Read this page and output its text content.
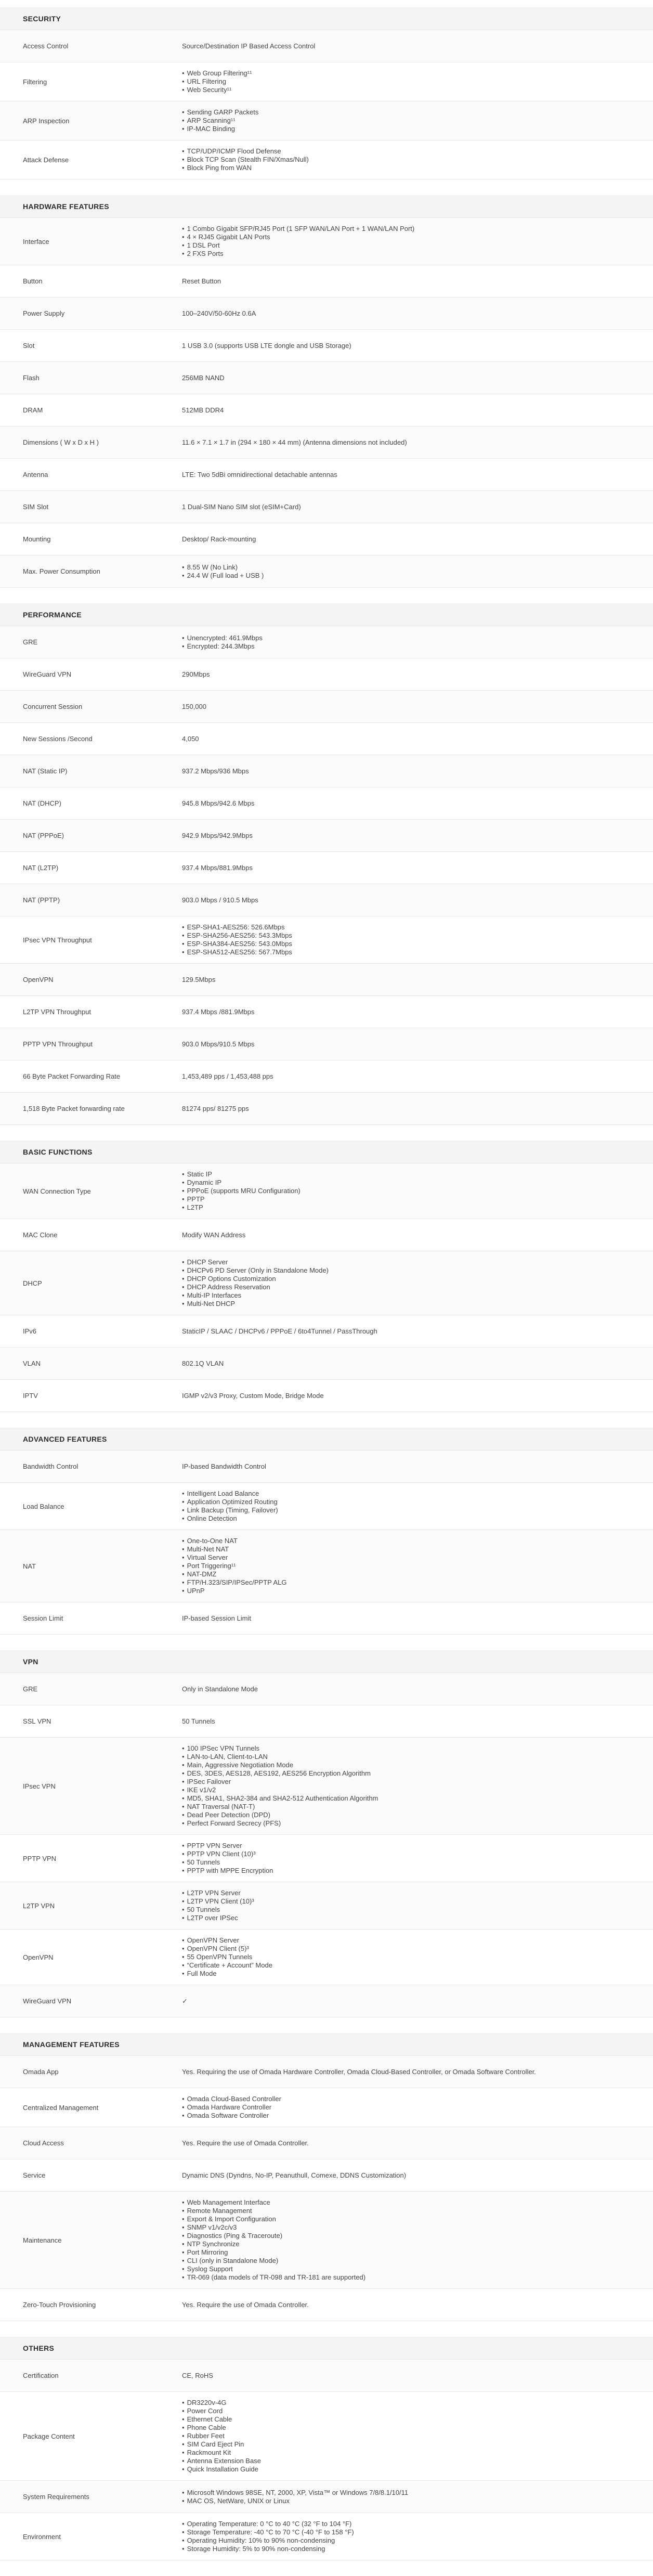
SECURITY
Access Control	Source/Destination IP Based Access Control
Filtering
• Web Group Filtering¹¹
• URL Filtering
• Web Security¹¹
ARP Inspection
• Sending GARP Packets
• ARP Scanning¹¹
• IP-MAC Binding
Attack Defense
• TCP/UDP/ICMP Flood Defense
• Block TCP Scan (Stealth FIN/Xmas/Null)
• Block Ping from WAN
HARDWARE FEATURES
Interface
• 1 Combo Gigabit SFP/RJ45 Port (1 SFP WAN/LAN Port + 1 WAN/LAN Port)
• 4 × RJ45 Gigabit LAN Ports
• 1 DSL Port
• 2 FXS Ports
Button	Reset Button
Power Supply	100–240V/50-60Hz 0.6A
Slot	1 USB 3.0 (supports USB LTE dongle and USB Storage)
Flash	256MB NAND
DRAM	512MB DDR4
Dimensions ( W x D x H )	11.6 × 7.1 × 1.7 in (294 × 180 × 44 mm) (Antenna dimensions not included)
Antenna	LTE: Two 5dBi omnidirectional detachable antennas
SIM Slot	1 Dual-SIM Nano SIM slot (eSIM+Card)
Mounting	Desktop/ Rack-mounting
Max. Power Consumption
• 8.55 W (No Link)
• 24.4 W (Full load + USB )
PERFORMANCE
GRE
• Unencrypted: 461.9Mbps
• Encrypted: 244.3Mbps
WireGuard VPN	290Mbps
Concurrent Session	150,000
New Sessions /Second	4,050
NAT (Static IP)	937.2 Mbps/936 Mbps
NAT (DHCP)	945.8 Mbps/942.6 Mbps
NAT (PPPoE)	942.9 Mbps/942.9Mbps
NAT (L2TP)	937.4 Mbps/881.9Mbps
NAT (PPTP)	903.0 Mbps / 910.5 Mbps
IPsec VPN Throughput
• ESP-SHA1-AES256: 526.6Mbps
• ESP-SHA256-AES256: 543.3Mbps
• ESP-SHA384-AES256: 543.0Mbps
• ESP-SHA512-AES256: 567.7Mbps
OpenVPN	129.5Mbps
L2TP VPN Throughput	937.4 Mbps /881.9Mbps
PPTP VPN Throughput	903.0 Mbps/910.5 Mbps
66 Byte Packet Forwarding Rate	1,453,489 pps / 1,453,488 pps
1,518 Byte Packet forwarding rate	81274 pps/ 81275 pps
BASIC FUNCTIONS
WAN Connection Type
• Static IP
• Dynamic IP
• PPPoE (supports MRU Configuration)
• PPTP
• L2TP
MAC Clone	Modify WAN Address
DHCP
• DHCP Server
• DHCPv6 PD Server (Only in Standalone Mode)
• DHCP Options Customization
• DHCP Address Reservation
• Multi-IP Interfaces
• Multi-Net DHCP
IPv6	StaticIP / SLAAC / DHCPv6 / PPPoE / 6to4Tunnel / PassThrough
VLAN	802.1Q VLAN
IPTV	IGMP v2/v3 Proxy, Custom Mode, Bridge Mode
ADVANCED FEATURES
Bandwidth Control	IP-based Bandwidth Control
Load Balance
• Intelligent Load Balance
• Application Optimized Routing
• Link Backup (Timing, Failover)
• Online Detection
NAT
• One-to-One NAT
• Multi-Net NAT
• Virtual Server
• Port Triggering¹¹
• NAT-DMZ
• FTP/H.323/SIP/IPSec/PPTP ALG
• UPnP
Session Limit	IP-based Session Limit
VPN
GRE	Only in Standalone Mode
SSL VPN	50 Tunnels
IPsec VPN
• 100 IPSec VPN Tunnels
• LAN-to-LAN, Client-to-LAN
• Main, Aggressive Negotiation Mode
• DES, 3DES, AES128, AES192, AES256 Encryption Algorithm
• IPSec Failover
• IKE v1/v2
• MD5, SHA1, SHA2-384 and SHA2-512 Authentication Algorithm
• NAT Traversal (NAT-T)
• Dead Peer Detection (DPD)
• Perfect Forward Secrecy (PFS)
PPTP VPN
• PPTP VPN Server
• PPTP VPN Client (10)³
• 50 Tunnels
• PPTP with MPPE Encryption
L2TP VPN
• L2TP VPN Server
• L2TP VPN Client (10)³
• 50 Tunnels
• L2TP over IPSec
OpenVPN
• OpenVPN Server
• OpenVPN Client (5)³
• 55 OpenVPN Tunnels
• “Certificate + Account” Mode
• Full Mode
WireGuard VPN	✓
MANAGEMENT FEATURES
Omada App	Yes. Requiring the use of Omada Hardware Controller, Omada Cloud-Based Controller, or Omada Software Controller.
Centralized Management
• Omada Cloud-Based Controller
• Omada Hardware Controller
• Omada Software Controller
Cloud Access	Yes. Require the use of Omada Controller.
Service	Dynamic DNS (Dyndns, No-IP, Peanuthull, Comexe, DDNS Customization)
Maintenance
• Web Management Interface
• Remote Management
• Export & Import Configuration
• SNMP v1/v2c/v3
• Diagnostics (Ping & Traceroute)
• NTP Synchronize
• Port Mirroring
• CLI (only in Standalone Mode)
• Syslog Support
• TR-069 (data models of TR-098 and TR-181 are supported)
Zero-Touch Provisioning	Yes. Require the use of Omada Controller.
OTHERS
Certification	CE, RoHS
Package Content
• DR3220v-4G
• Power Cord
• Ethernet Cable
• Phone Cable
• Rubber Feet
• SIM Card Eject Pin
• Rackmount Kit
• Antenna Extension Base
• Quick Installation Guide
System Requirements
• Microsoft Windows 98SE, NT, 2000, XP, Vista™ or Windows 7/8/8.1/10/11
• MAC OS, NetWare, UNIX or Linux
Environment
• Operating Temperature: 0 °C to 40 °C (32 °F to 104 °F)
• Storage Temperature: -40 °C to 70 °C (-40 °F to 158 °F)
• Operating Humidity: 10% to 90% non-condensing
• Storage Humidity: 5% to 90% non-condensing
